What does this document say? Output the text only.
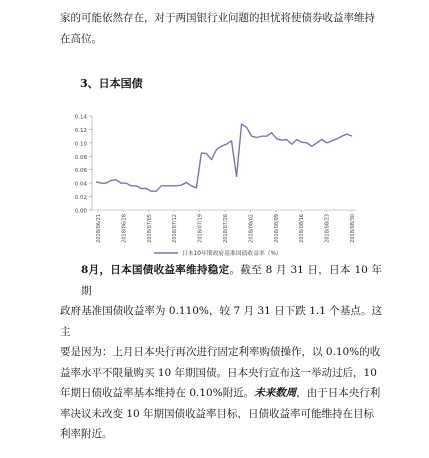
家的可能依然存在，对于两国银行业问题的担忧将使债券收益率维持
在高位。
3、日本国债
0.14
0.12
0.10
0.08
0.06
0.04
0.02
0.00
2018/06/21	2018/06/28	2018/07/05	2018/07/12	2018/07/19	2018/07/26	2018/08/02	2018/08/09	2018/08/16	2018/08/23	2018/08/30
日本10年期政府基准国债收益率（%）
8月，日本国债收益率维持稳定。截至 8 月 31 日，日本 10 年期
政府基准国债收益率为 0.110%，较 7 月 31 日下跌 1.1 个基点。这主
要是因为：上月日本央行再次进行固定利率购债操作，以 0.10%的收
益率水平不限量购买 10 年期国债。日本央行宣布这一举动过后，10
年期日债收益率基本维持在 0.10%附近。未来数周，由于日本央行利
率决议未改变 10 年期国债收益率目标，日债收益率可能维持在目标
利率附近。
